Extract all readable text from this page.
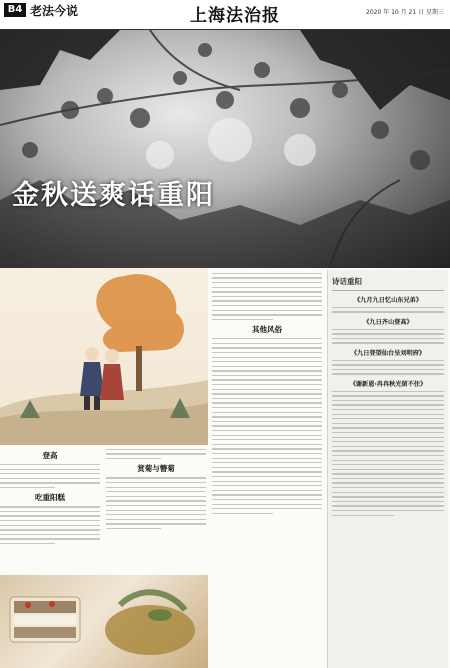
B4 老法今说	上海法治报	2020 年 10 月 21 日 星期三
金秋送爽话重阳
登高
吃重阳糕
赏菊与簪菊
其他风俗
诗话重阳
《九月九日忆山东兄弟》
《九日齐山登高》
《九日登望仙台呈刘明府》
《谢新恩·冉冉秋光留不住》
